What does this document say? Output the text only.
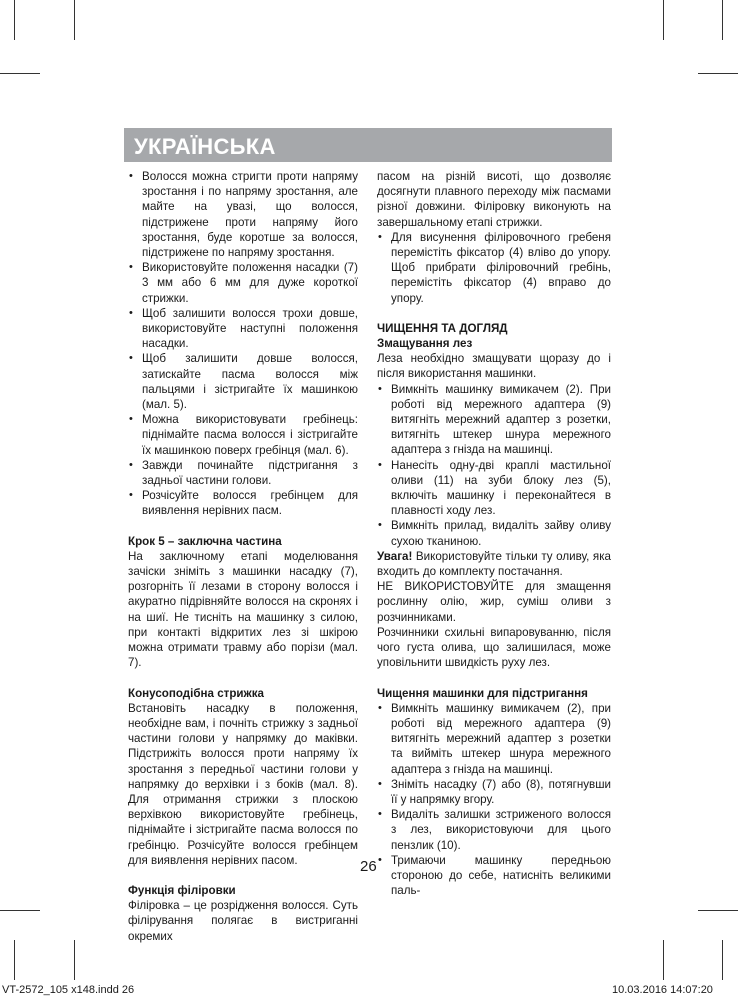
УКРАЇНСЬКА
• Волосся можна стригти проти напряму зростання і по напряму зростання, але майте на увазі, що волосся, підстрижене проти напряму його зростання, буде коротше за волосся, підстрижене по напряму зростання.
• Використовуйте положення насадки (7) 3 мм або 6 мм для дуже короткої стрижки.
• Щоб залишити волосся трохи довше, використовуйте наступні положення насадки.
• Щоб залишити довше волосся, затискайте пасма волосся між пальцями і зістригайте їх машинкою (мал. 5).
• Можна використовувати гребінець: піднімайте пасма волосся і зістригайте їх машинкою поверх гребінця (мал. 6).
• Завжди починайте підстригання з задньої частини голови.
• Розчісуйте волосся гребінцем для виявлення нерівних пасм.

Крок 5 – заключна частина

На заключному етапі моделювання зачіски зніміть з машинки насадку (7), розгорніть її лезами в сторону волосся і акуратно підрівняйте волосся на скронях і на шиї. Не тисніть на машинку з силою, при контакті відкритих лез зі шкірою можна отримати травму або порізи (мал. 7).

Конусоподібна стрижка

Встановіть насадку в положення, необхідне вам, і почніть стрижку з задньої частини голови у напрямку до маківки. Підстрижіть волосся проти напряму їх зростання з передньої частини голови у напрямку до верхівки і з боків (мал. 8). Для отримання стрижки з плоскою верхівкою використовуйте гребінець, піднімайте і зістригайте пасма волосся по гребінцю. Розчісуйте волосся гребінцем для виявлення нерівних пасом.

Функція філіровки

Філіровка – це розрідження волосся. Суть філірування полягає в вистриганні окремих

пасом на різній висоті, що дозволяє досягнути плавного переходу між пасмами різної довжини. Філіровку виконують на завершальному етапі стрижки.

• Для висунення філіровочного гребеня перемістіть фіксатор (4) вліво до упору. Щоб прибрати філіровочний гребінь, перемістіть фіксатор (4) вправо до упору.

ЧИЩЕННЯ ТА ДОГЛЯД

Змащування лез

Леза необхідно змащувати щоразу до і після використання машинки.

• Вимкніть машинку вимикачем (2). При роботі від мережного адаптера (9) витягніть мережний адаптер з розетки, витягніть штекер шнура мережного адаптера з гнізда на машинці.
• Нанесіть одну-дві краплі мастильної оливи (11) на зуби блоку лез (5), включіть машинку і переконайтеся в плавності ходу лез.
• Вимкніть прилад, видаліть зайву оливу сухою тканиною.

Увага! Використовуйте тільки ту оливу, яка входить до комплекту постачання.

НЕ ВИКОРИСТОВУЙТЕ для змащення рослинну олію, жир, суміш оливи з розчинниками.

Розчинники схильні випаровуванню, після чого густа олива, що залишилася, може уповільнити швидкість руху лез.

Чищення машинки для підстригання

• Вимкніть машинку вимикачем (2), при роботі від мережного адаптера (9) витягніть мережний адаптер з розетки та вийміть штекер шнура мережного адаптера з гнізда на машинці.
• Зніміть насадку (7) або (8), потягнувши її у напрямку вгору.
• Видаліть залишки зстриженого волосся з лез, використовуючи для цього пензлик (10).
• Тримаючи машинку передньою стороною до себе, натисніть великими паль-
26
VT-2572_105 x148.indd 26	10.03.2016 14:07:20
